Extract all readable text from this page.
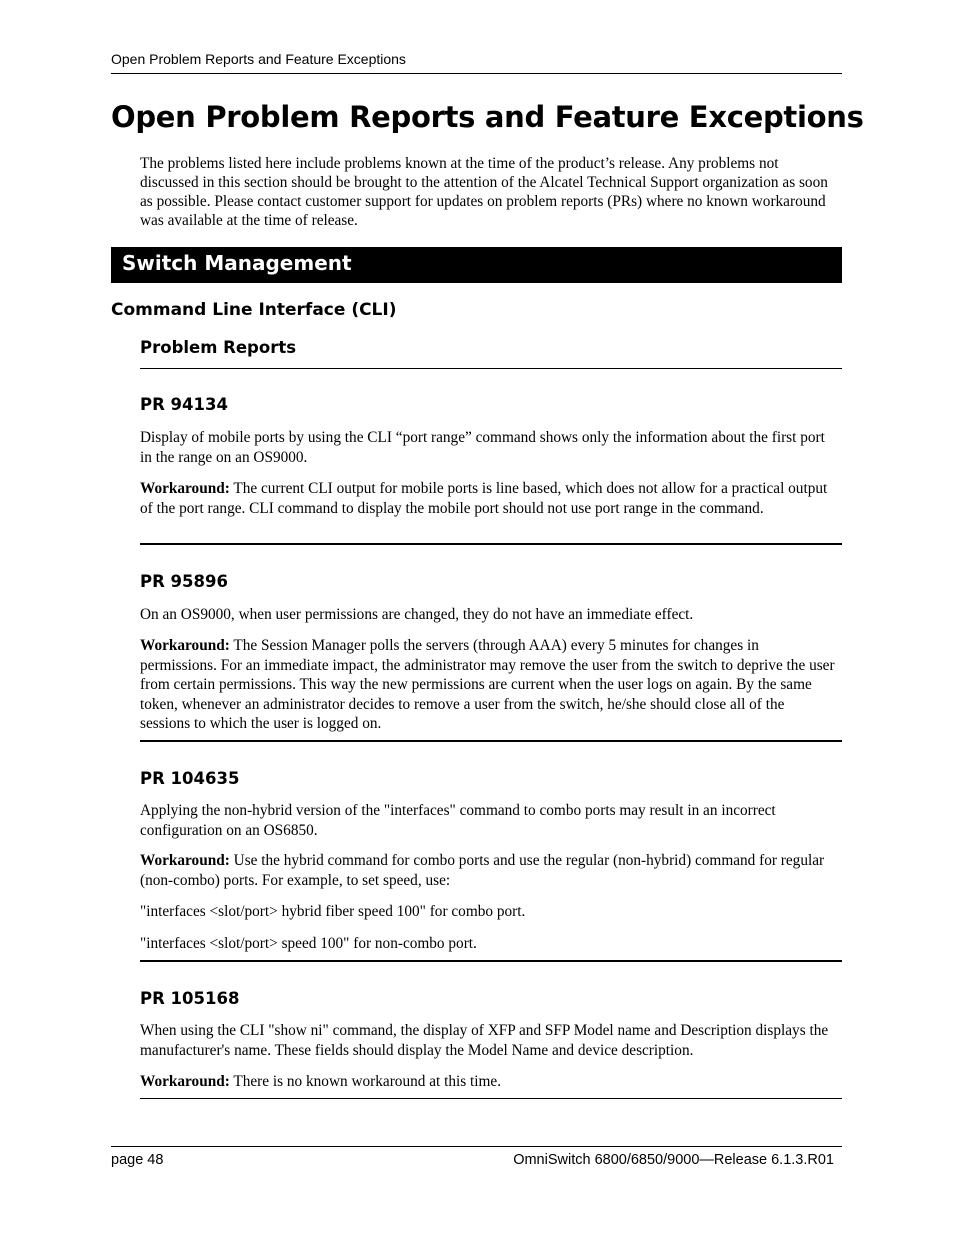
Open Problem Reports and Feature Exceptions
Open Problem Reports and Feature Exceptions

The problems listed here include problems known at the time of the product’s release. Any problems not discussed in this section should be brought to the attention of the Alcatel Technical Support organization as soon as possible. Please contact customer support for updates on problem reports (PRs) where no known workaround was available at the time of release.

Switch Management
Command Line Interface (CLI)
Problem Reports
PR 94134

Display of mobile ports by using the CLI “port range” command shows only the information about the first port in the range on an OS9000.

Workaround: The current CLI output for mobile ports is line based, which does not allow for a practical output of the port range. CLI command to display the mobile port should not use port range in the command.

PR 95896

On an OS9000, when user permissions are changed, they do not have an immediate effect.

Workaround: The Session Manager polls the servers (through AAA) every 5 minutes for changes in permissions. For an immediate impact, the administrator may remove the user from the switch to deprive the user from certain permissions. This way the new permissions are current when the user logs on again. By the same token, whenever an administrator decides to remove a user from the switch, he/she should close all of the sessions to which the user is logged on.

PR 104635

Applying the non-hybrid version of the "interfaces" command to combo ports may result in an incorrect configuration on an OS6850.

Workaround: Use the hybrid command for combo ports and use the regular (non-hybrid) command for regular (non-combo) ports. For example, to set speed, use:

"interfaces <slot/port> hybrid fiber speed 100" for combo port.

"interfaces <slot/port> speed 100" for non-combo port.

PR 105168

When using the CLI "show ni" command, the display of XFP and SFP Model name and Description displays the manufacturer's name. These fields should display the Model Name and device description.

Workaround: There is no known workaround at this time.

page 48	OmniSwitch 6800/6850/9000—Release 6.1.3.R01
